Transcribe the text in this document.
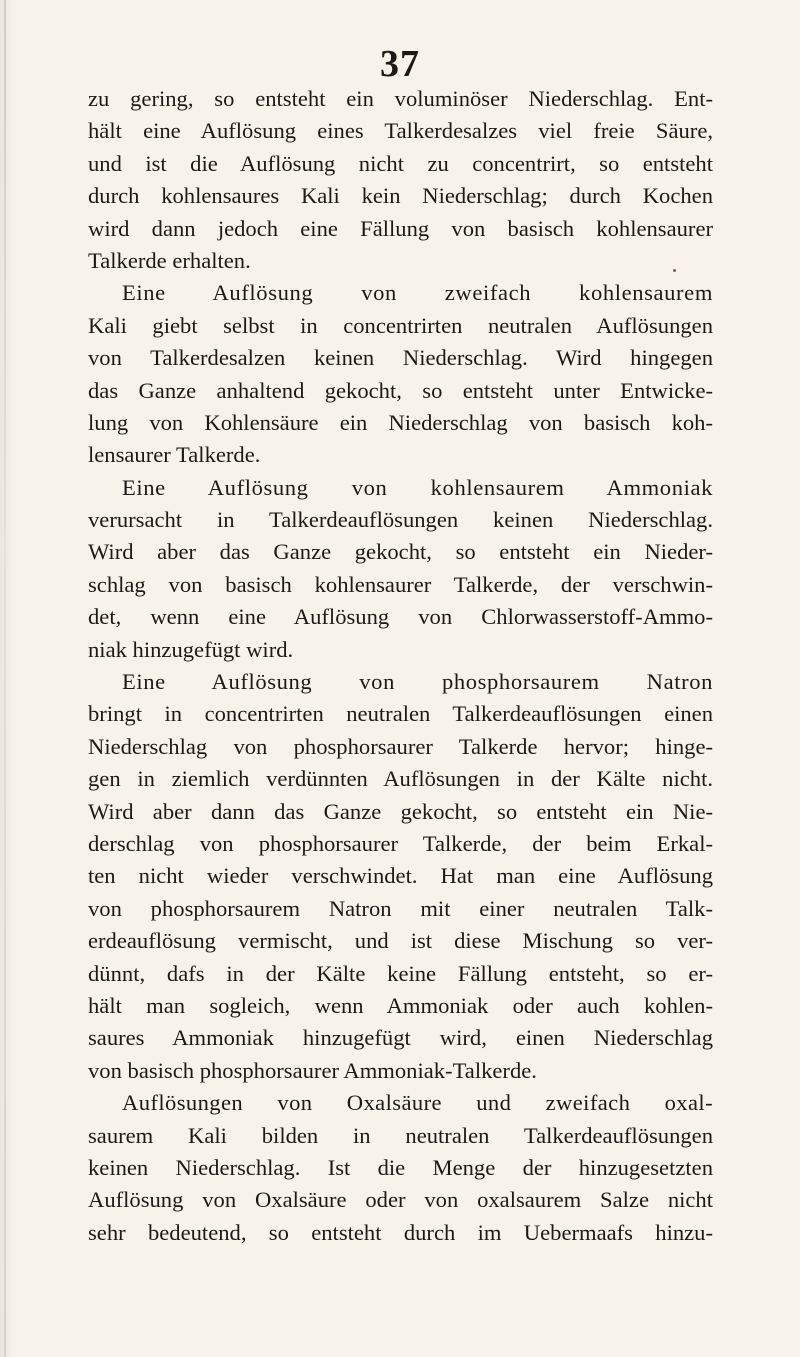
37
zu gering, so entsteht ein voluminöser Niederschlag. Ent-
hält eine Auflösung eines Talkerdesalzes viel freie Säure,
und ist die Auflösung nicht zu concentrirt, so entsteht
durch kohlensaures Kali kein Niederschlag; durch Kochen
wird dann jedoch eine Fällung von basisch kohlensaurer
Talkerde erhalten.
Eine Auflösung von zweifach kohlensaurem
Kali giebt selbst in concentrirten neutralen Auflösungen
von Talkerdesalzen keinen Niederschlag. Wird hingegen
das Ganze anhaltend gekocht, so entsteht unter Entwicke-
lung von Kohlensäure ein Niederschlag von basisch koh-
lensaurer Talkerde.
Eine Auflösung von kohlensaurem Ammoniak
verursacht in Talkerdeauflösungen keinen Niederschlag.
Wird aber das Ganze gekocht, so entsteht ein Nieder-
schlag von basisch kohlensaurer Talkerde, der verschwin-
det, wenn eine Auflösung von Chlorwasserstoff-Ammo-
niak hinzugefügt wird.
Eine Auflösung von phosphorsaurem Natron
bringt in concentrirten neutralen Talkerdeauflösungen einen
Niederschlag von phosphorsaurer Talkerde hervor; hinge-
gen in ziemlich verdünnten Auflösungen in der Kälte nicht.
Wird aber dann das Ganze gekocht, so entsteht ein Nie-
derschlag von phosphorsaurer Talkerde, der beim Erkal-
ten nicht wieder verschwindet. Hat man eine Auflösung
von phosphorsaurem Natron mit einer neutralen Talk-
erdeauflösung vermischt, und ist diese Mischung so ver-
dünnt, dafs in der Kälte keine Fällung entsteht, so er-
hält man sogleich, wenn Ammoniak oder auch kohlen-
saures Ammoniak hinzugefügt wird, einen Niederschlag
von basisch phosphorsaurer Ammoniak-Talkerde.
Auflösungen von Oxalsäure und zweifach oxal-
saurem Kali bilden in neutralen Talkerdeauflösungen
keinen Niederschlag. Ist die Menge der hinzugesetzten
Auflösung von Oxalsäure oder von oxalsaurem Salze nicht
sehr bedeutend, so entsteht durch im Uebermaafs hinzu-
